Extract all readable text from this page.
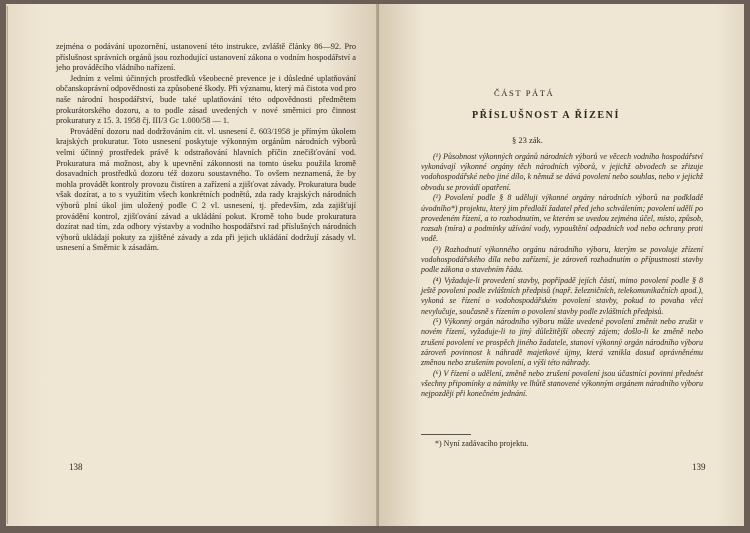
zejména o podávání upozornění, ustanovení této instrukce, zvláště články 86—92. Pro příslušnost správních orgánů jsou rozhodující ustanovení zákona o vodním hospodářství a jeho prováděcího vládního nařízení.

Jedním z velmi účinných prostředků všeobecné prevence je i důsledné uplatňování občanskoprávní odpovědnosti za způsobené škody. Při významu, který má čistota vod pro naše národní hospodářství, bude také uplatňování této odpovědnosti předmětem prokurátorského dozoru, a to podle zásad uvedených v nové směrnici pro činnost prokuratury z 15. 3. 1958 čj. III/3 Gc 1.000/58 — 1.

Provádění dozoru nad dodržováním cit. vl. usnesení č. 603/1958 je přímým úkolem krajských prokuratur. Toto usnesení poskytuje výkonným orgánům národních výborů velmi účinný prostředek právě k odstraňování hlavních příčin znečišťování vod. Prokuratura má možnost, aby k upevnění zákonnosti na tomto úseku použila kromě dosavadních prostředků dozoru též dozoru soustavného. To ovšem neznamená, že by mohla provádět kontroly provozu čistíren a zařízení a zjišťovat závady. Prokuratura bude však dozírat, a to s využitím všech konkrétních podnětů, zda rady krajských národních výborů plní úkol jim uložený podle C 2 vl. usnesení, tj. především, zda zajišťují provádění kontrol, zjišťování závad a ukládání pokut. Kromě toho bude prokuratura dozírat nad tím, zda odbory výstavby a vodního hospodářství rad příslušných národních výborů ukládají pokuty za zjištěné závady a zda při jejich ukládání dodržují zásady vl. usnesení a Směrnic k zásadám.

138
ČÁST PÁTÁ
PŘÍSLUŠNOST A ŘÍZENÍ
§ 23 zák.

(¹) Působnost výkonných orgánů národních výborů ve věcech vodního hospodářství vykonávají výkonné orgány těch národních výborů, v jejichž obvodech se zřizuje vodohospodářské nebo jiné dílo, k němuž se dává povolení nebo souhlas, nebo v jejichž obvodu se provádí opatření.

(²) Povolení podle § 8 uděluji výkonné orgány národních výborů na podkladě úvodního*) projektu, který jim předloží žadatel před jeho schválením; povolení udělí po provedeném řízení, a to rozhodnutím, ve kterém se uvedou zejména účel, místo, způsob, rozsah (míra) a podmínky užívání vody, vypouštění odpadních vod nebo ochrany proti vodě.

(³) Rozhodnutí výkonného orgánu národního výboru, kterým se povoluje zřízení vodohospodářského díla nebo zařízení, je zároveň rozhodnutím o přípustnosti stavby podle zákona o stavebním řádu.

(⁴) Vyžaduje-li provedení stavby, popřípadě jejích částí, mimo povolení podle § 8 ještě povolení podle zvláštních předpisů (např. železničních, telekomunikačních apod.), vykoná se řízení o vodohospodářském povolení stavby, pokud to povaha věci nevylučuje, současně s řízením o povolení stavby podle zvláštních předpisů.

(⁵) Výkonný orgán národního výboru může uvedené povolení změnit nebo zrušit v novém řízení, vyžaduje-li to jiný důležitější obecný zájem; došlo-li ke změně nebo zrušení povolení ve prospěch jiného žadatele, stanoví výkonný orgán národního výboru zároveň povinnost k náhradě majetkové újmy, která vznikla dosud oprávněnému změnou nebo zrušením povolení, a výši této náhrady.

(⁶) V řízení o udělení, změně nebo zrušení povolení jsou účastníci povinni přednést všechny připomínky a námitky ve lhůtě stanovené výkonným orgánem národního výboru nejpozději při konečném jednání.

*) Nyní zadávacího projektu.
139
